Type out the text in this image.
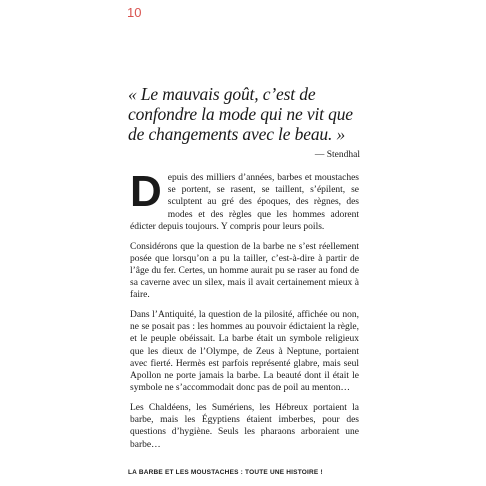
10
« Le mauvais goût, c’est de confondre la mode qui ne vit que de changements avec le beau. »
— Stendhal

Depuis des milliers d’années, barbes et moustaches se portent, se rasent, se taillent, s’épilent, se sculptent au gré des époques, des règnes, des modes et des règles que les hommes adorent édicter depuis toujours. Y compris pour leurs poils.

Considérons que la question de la barbe ne s’est réellement posée que lorsqu’on a pu la tailler, c’est-à-dire à partir de l’âge du fer. Certes, un homme aurait pu se raser au fond de sa caverne avec un silex, mais il avait certainement mieux à faire.

Dans l’Antiquité, la question de la pilosité, affichée ou non, ne se posait pas : les hommes au pouvoir édictaient la règle, et le peuple obéissait. La barbe était un symbole religieux que les dieux de l’Olympe, de Zeus à Neptune, portaient avec fierté. Hermès est parfois représenté glabre, mais seul Apollon ne porte jamais la barbe. La beauté dont il était le symbole ne s’accommodait donc pas de poil au menton…

Les Chaldéens, les Sumériens, les Hébreux portaient la barbe, mais les Égyptiens étaient imberbes, pour des questions d’hygiène. Seuls les pharaons arboraient une barbe…

LA BARBE ET LES MOUSTACHES : TOUTE UNE HISTOIRE !
